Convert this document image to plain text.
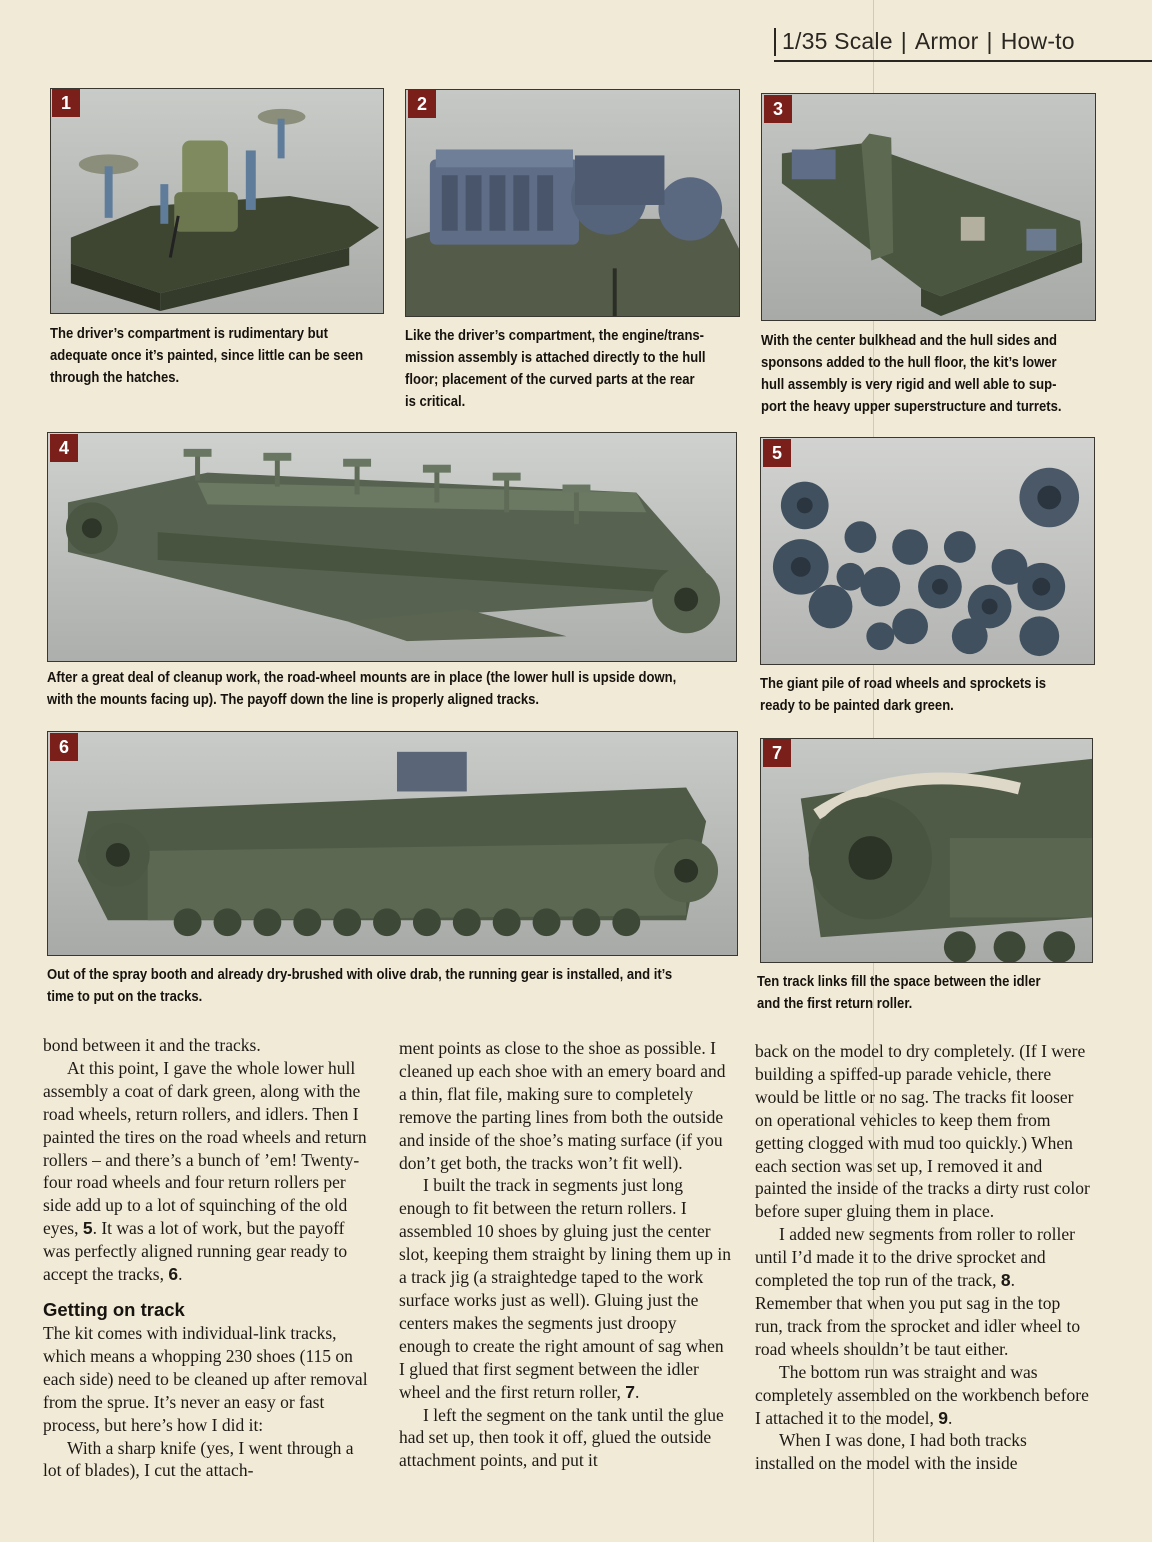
1/35 Scale | Armor | How-to
1
The driver’s compartment is rudimentary but
adequate once it’s painted, since little can be seen
through the hatches.
2
Like the driver’s compartment, the engine/trans-
mission assembly is attached directly to the hull
floor; placement of the curved parts at the rear
is critical.
3
With the center bulkhead and the hull sides and
sponsons added to the hull floor, the kit’s lower
hull assembly is very rigid and well able to sup-
port the heavy upper superstructure and turrets.
4
After a great deal of cleanup work, the road-wheel mounts are in place (the lower hull is upside down,
with the mounts facing up). The payoff down the line is properly aligned tracks.
5
The giant pile of road wheels and sprockets is
ready to be painted dark green.
6
Out of the spray booth and already dry-brushed with olive drab, the running gear is installed, and it’s
time to put on the tracks.
7
Ten track links fill the space between the idler
and the first return roller.

bond between it and the tracks.

At this point, I gave the whole lower hull assembly a coat of dark green, along with the road wheels, return rollers, and idlers. Then I painted the tires on the road wheels and return rollers – and there’s a bunch of ’em! Twenty-four road wheels and four return rollers per side add up to a lot of squinching of the old eyes, 5. It was a lot of work, but the payoff was perfectly aligned running gear ready to accept the tracks, 6.

Getting on track

The kit comes with individual-link tracks, which means a whopping 230 shoes (115 on each side) need to be cleaned up after removal from the sprue. It’s never an easy or fast process, but here’s how I did it:

With a sharp knife (yes, I went through a lot of blades), I cut the attach-

ment points as close to the shoe as possible. I cleaned up each shoe with an emery board and a thin, flat file, making sure to completely remove the parting lines from both the outside and inside of the shoe’s mating surface (if you don’t get both, the tracks won’t fit well).

I built the track in segments just long enough to fit between the return rollers. I assembled 10 shoes by gluing just the center slot, keeping them straight by lining them up in a track jig (a straightedge taped to the work surface works just as well). Gluing just the centers makes the segments just droopy enough to create the right amount of sag when I glued that first segment between the idler wheel and the first return roller, 7.

I left the segment on the tank until the glue had set up, then took it off, glued the outside attachment points, and put it

back on the model to dry completely. (If I were building a spiffed-up parade vehicle, there would be little or no sag. The tracks fit looser on operational vehicles to keep them from getting clogged with mud too quickly.) When each section was set up, I removed it and painted the inside of the tracks a dirty rust color before super gluing them in place.

I added new segments from roller to roller until I’d made it to the drive sprocket and completed the top run of the track, 8. Remember that when you put sag in the top run, track from the sprocket and idler wheel to road wheels shouldn’t be taut either.

The bottom run was straight and was completely assembled on the workbench before I attached it to the model, 9.

When I was done, I had both tracks installed on the model with the inside
